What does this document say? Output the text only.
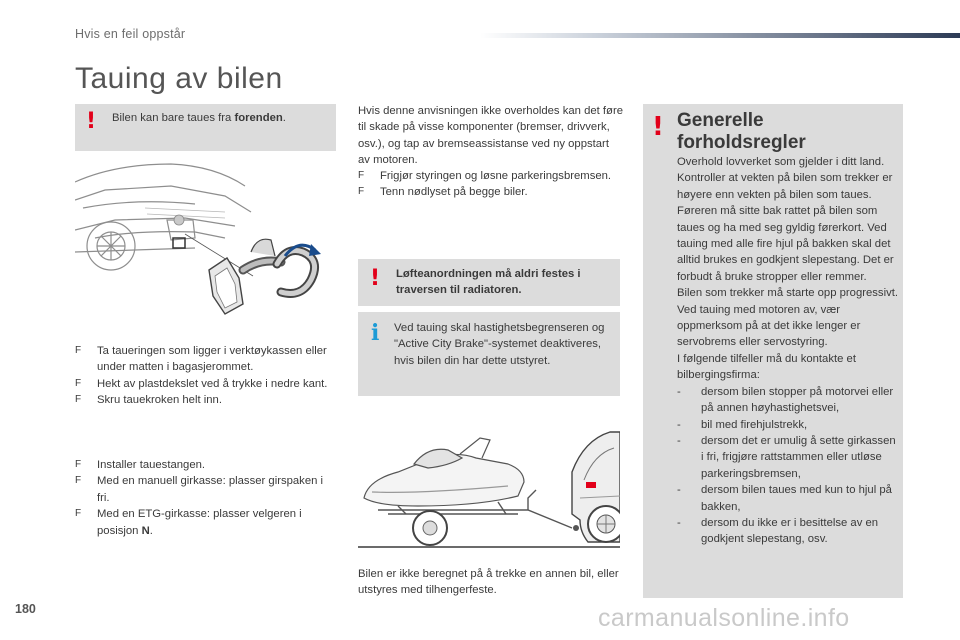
Hvis en feil oppstår
Tauing av bilen
! Bilen kan bare taues fra forenden.

F Ta taueringen som ligger i verktøykassen eller under matten i bagasjerommet.
F Hekt av plastdekslet ved å trykke i nedre kant.
F Skru tauekroken helt inn.
F Installer tauestangen.
F Med en manuell girkasse: plasser girspaken i fri.
F Med en ETG-girkasse: plasser velgeren i posisjon N.

Hvis denne anvisningen ikke overholdes kan det føre til skade på visse komponenter (bremser, drivverk, osv.), og tap av bremseassistanse ved ny oppstart av motoren.

F Frigjør styringen og løsne parkeringsbremsen.
F Tenn nødlyset på begge biler.
! Løfteanordningen må aldri festes i traversen til radiatoren.

i Ved tauing skal hastighetsbegrenseren og "Active City Brake"-systemet deaktiveres, hvis bilen din har dette utstyret.

Bilen er ikke beregnet på å trekke en annen bil, eller utstyres med tilhengerfeste.

! Generelle
forholdsregler

Overhold lovverket som gjelder i ditt land. Kontroller at vekten på bilen som trekker er høyere enn vekten på bilen som taues. Føreren må sitte bak rattet på bilen som taues og ha med seg gyldig førerkort. Ved tauing med alle fire hjul på bakken skal det alltid brukes en godkjent slepestang. Det er forbudt å bruke stropper eller remmer.

Bilen som trekker må starte opp progressivt.

Ved tauing med motoren av, vær oppmerksom på at det ikke lenger er servobrems eller servostyring.

I følgende tilfeller må du kontakte et bilbergingsfirma:

- dersom bilen stopper på motorvei eller på annen høyhastighetsvei,
- bil med firehjulstrekk,
- dersom det er umulig å sette girkassen i fri, frigjøre rattstammen eller utløse parkeringsbremsen,
- dersom bilen taues med kun to hjul på bakken,
- dersom du ikke er i besittelse av en godkjent slepestang, osv.
180	carmanualsonline.info
